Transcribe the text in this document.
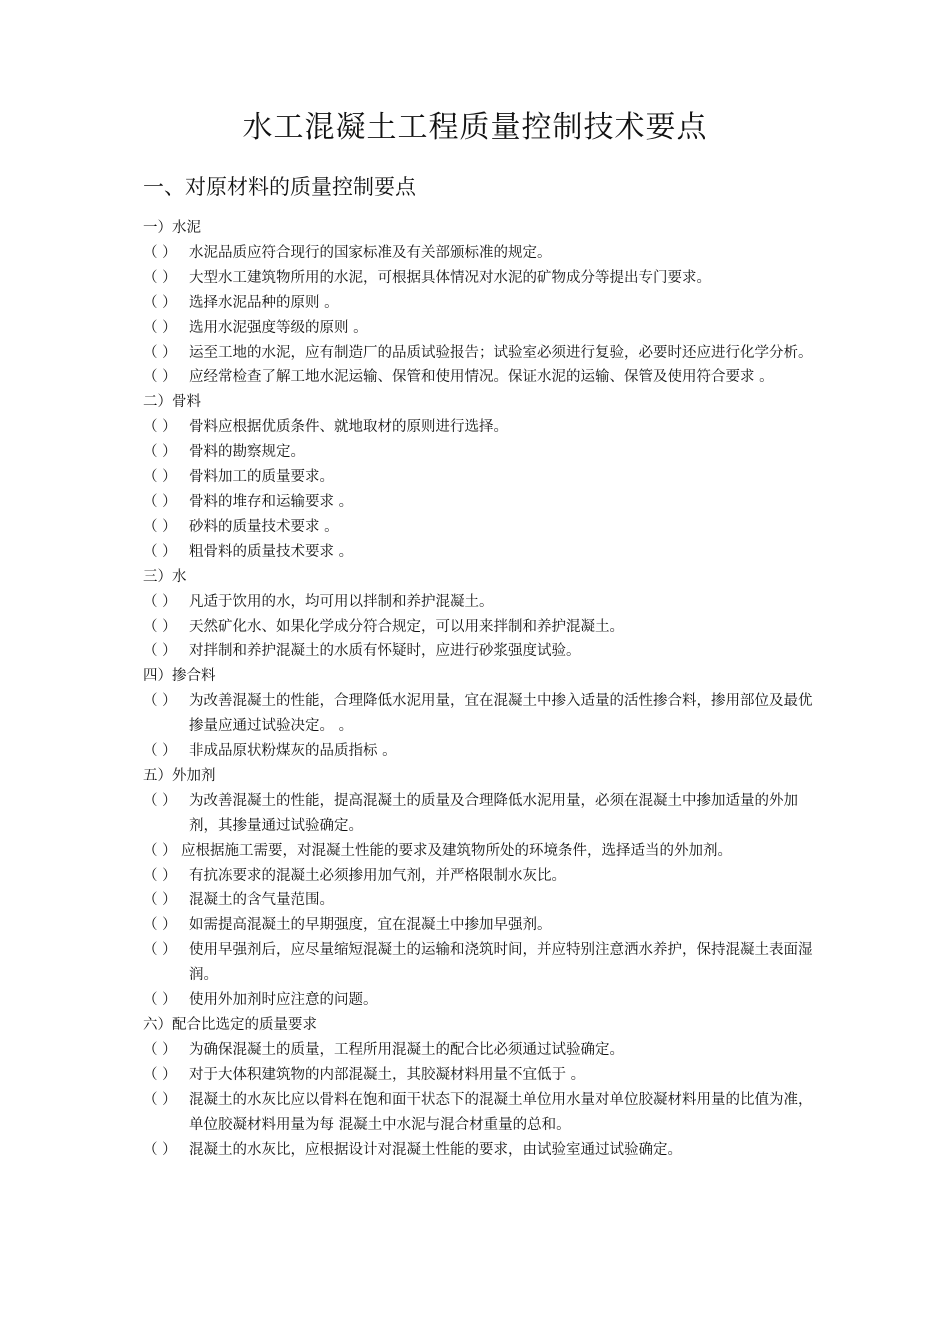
水工混凝土工程质量控制技术要点
一、对原材料的质量控制要点
一）水泥
（ ） 水泥品质应符合现行的国家标准及有关部颁标准的规定。
（ ） 大型水工建筑物所用的水泥，可根据具体情况对水泥的矿物成分等提出专门要求。
（ ） 选择水泥品种的原则 。
（ ） 选用水泥强度等级的原则 。
（ ） 运至工地的水泥，应有制造厂的品质试验报告；试验室必须进行复验，必要时还应进行化学分析。
（ ） 应经常检查了解工地水泥运输、保管和使用情况。保证水泥的运输、保管及使用符合要求 。
二）骨料
（ ） 骨料应根据优质条件、就地取材的原则进行选择。
（ ） 骨料的勘察规定。
（ ） 骨料加工的质量要求。
（ ） 骨料的堆存和运输要求 。
（ ） 砂料的质量技术要求 。
（ ） 粗骨料的质量技术要求 。
三）水
（ ） 凡适于饮用的水，均可用以拌制和养护混凝土。
（ ） 天然矿化水、如果化学成分符合规定，可以用来拌制和养护混凝土。
（ ） 对拌制和养护混凝土的水质有怀疑时，应进行砂浆强度试验。
四）掺合料
（ ） 为改善混凝土的性能，合理降低水泥用量，宜在混凝土中掺入适量的活性掺合料，掺用部位及最优掺量应通过试验决定。 。
（ ） 非成品原状粉煤灰的品质指标 。
五）外加剂
（ ） 为改善混凝土的性能，提高混凝土的质量及合理降低水泥用量，必须在混凝土中掺加适量的外加剂，其掺量通过试验确定。
（ ） 应根据施工需要，对混凝土性能的要求及建筑物所处的环境条件，选择适当的外加剂。
（ ） 有抗冻要求的混凝土必须掺用加气剂，并严格限制水灰比。
（ ） 混凝土的含气量范围。
（ ） 如需提高混凝土的早期强度，宜在混凝土中掺加早强剂。
（ ） 使用早强剂后，应尽量缩短混凝土的运输和浇筑时间，并应特别注意洒水养护，保持混凝土表面湿润。
（ ） 使用外加剂时应注意的问题。
六）配合比选定的质量要求
（ ） 为确保混凝土的质量，工程所用混凝土的配合比必须通过试验确定。
（ ） 对于大体积建筑物的内部混凝土，其胶凝材料用量不宜低于 。
（ ） 混凝土的水灰比应以骨料在饱和面干状态下的混凝土单位用水量对单位胶凝材料用量的比值为准，单位胶凝材料用量为每 混凝土中水泥与混合材重量的总和。
（ ） 混凝土的水灰比，应根据设计对混凝土性能的要求，由试验室通过试验确定。
